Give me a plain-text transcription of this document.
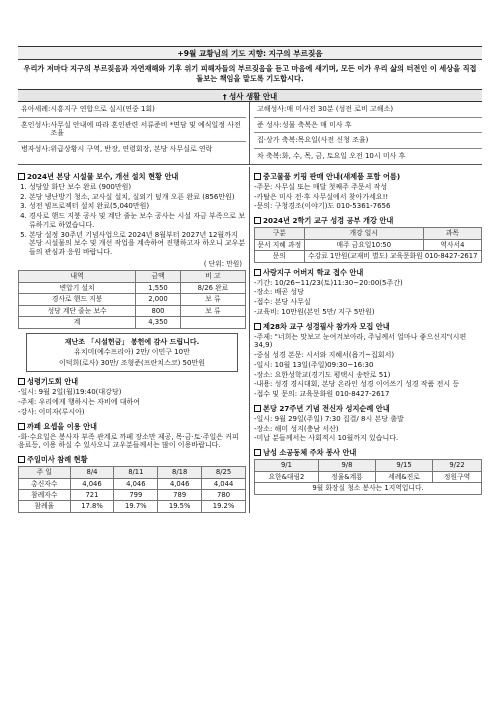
+9월 교황님의 기도 지향: 지구의 부르짖음
우리가 저마다 지구의 부르짖음과 자연재해와 기후 위기 피해자들의 부르짖음을 듣고 마음에 새기며, 모든 이가 우리 삶의 터전인 이 세상을 직접 돌보는 책임을 맡도록 기도합시다.
† 성사 생활 안내
유아세례: 시흥지구 연합으로 실시(연중 1회)
혼인성사: 사무실 안내에 따라 혼인관련 서류준비 *면담 및 예식일정 사전 조율
병자성사: 위급상황시 구역, 반장, 연령회장, 본당 사무실로 연락
고해성사: 매 미사전 30분 (성전 로비 고해소)
준 성사: 성물 축복은 매 미사 후
집·상가 축복: 목요일(사전 신청 조율)
차 축복: 화, 수, 목, 금, 토요일 오전 10시 미사 후
2024년 본당 시설물 보수, 개선 설치 현황 안내
1. 성당앞 화단 보수 완료 (900만원)
2. 본당 냉난방기 청소, 교사실 설치, 실외기 덮개 오픈 완료 (856만원)
3. 성전 빔프로젝터 설치 완료(5,040만원)
4. 경사로 핸드 지붕 공사 및 계단 줄눈 보수 공사는 시설 자금 부족으로 보류하기로 하였습니다.
5. 본당 설정 30주년 기념사업으로 2024년 8월부터 2027년 12월까지 본당 시설물의 보수 및 개선 작업을 계속하여 진행하고자 하오니 교우분들의 관심과 응원 바랍니다.
( 단위: 만원)
내역	금액	비 고
변압기 설치	1,550	8/26 완료
경사로 핸드 지붕	2,000	보 류
성당 계단 줄눈 보수	800	보 류
계	4,350	
재난조 「시설헌금」 봉헌에 감사 드립니다.
유치미(예수프리아) 2만/ 이민구 10만
이덕희(로사) 30만/ 조형준(프란치스코) 50만원
성령기도회 안내
-일시: 9월 2일(월)19:40(대강당)
-주제: 우리에게 행하시는 자비에 대하여
-강사: 이미자(루시아)
까페 요셉을 이용 안내
-화·수요일은 봉사자 부족 관계로 까페 장소만 제공, 목·금·토·주일은 커피 음료등, 이용 하실 수 있사오니 교우분들께서는 많이 이용바랍니다.
주일미사 참례 현황
주 일	8/4	8/11	8/18	8/25
총신자수	4,046	4,046	4,046	4,044
참례자수	721	799	789	780
참례율	17.8%	19.7%	19.5%	19.2%
중고물품 키핑 판매 안내(새제품 포함 어름)
-주문: 사무실 또는 매달 첫째주 주문서 작성
-카탈은 미사 전·후 사무실에서 찾아가세요!!
-문의: 구청경조(이야기)도 010-5361-7656
2024년 2학기 교구 성경 공부 개강 안내
구분	개강 일시	과목
문서 지혜 과정	매주 금요일10:50	역사서4
문의	수강료 1만원(교재비 별도) 교육문화원 010-8427-2617	
사랑지구 어버지 학교 접수 안내
-기간: 10/26~11/23(토)11:30~20:00(5주간)
-장소: 배곧 성당
-접수: 본당 사무실
-교육비: 10만원(본인 5만/ 지구 5만원)
제28차 교구 성경필사 참가자 모집 안내
-주제: "너희는 맛보고 눈여겨보아라, 주님께서 얼마나 좋으신지"(시편34,9)
-중심 성경 본문: 시서와 지혜서(욥기~집회서)
-일시: 10월 13일(주일)09:30~16:30
-장소: 요한성학교(경기도 평택시 송탄로 51)
-내용: 성경 경시대회, 본당 온라인 성경 이어쓰기 성경 작품 전시 등
-접수 및 문의: 교육문화원 010-8427-2617
본당 27주년 기념 전신자 성지순례 안내
-일시: 9월 29일(주일) 7:30 집결/ 8시 본당 출발
-장소: 해미 성지(충남 서산)
-미납 분들께서는 사회적시 10월까지 있습니다.
남성 소공동체 주차 봉사 안내
9/1	9/8	9/15	9/22
요한&대림2	정율&계룡	세례&진로	정원구역
9월 화장실 청소 봉사는 1지역입니다.			
